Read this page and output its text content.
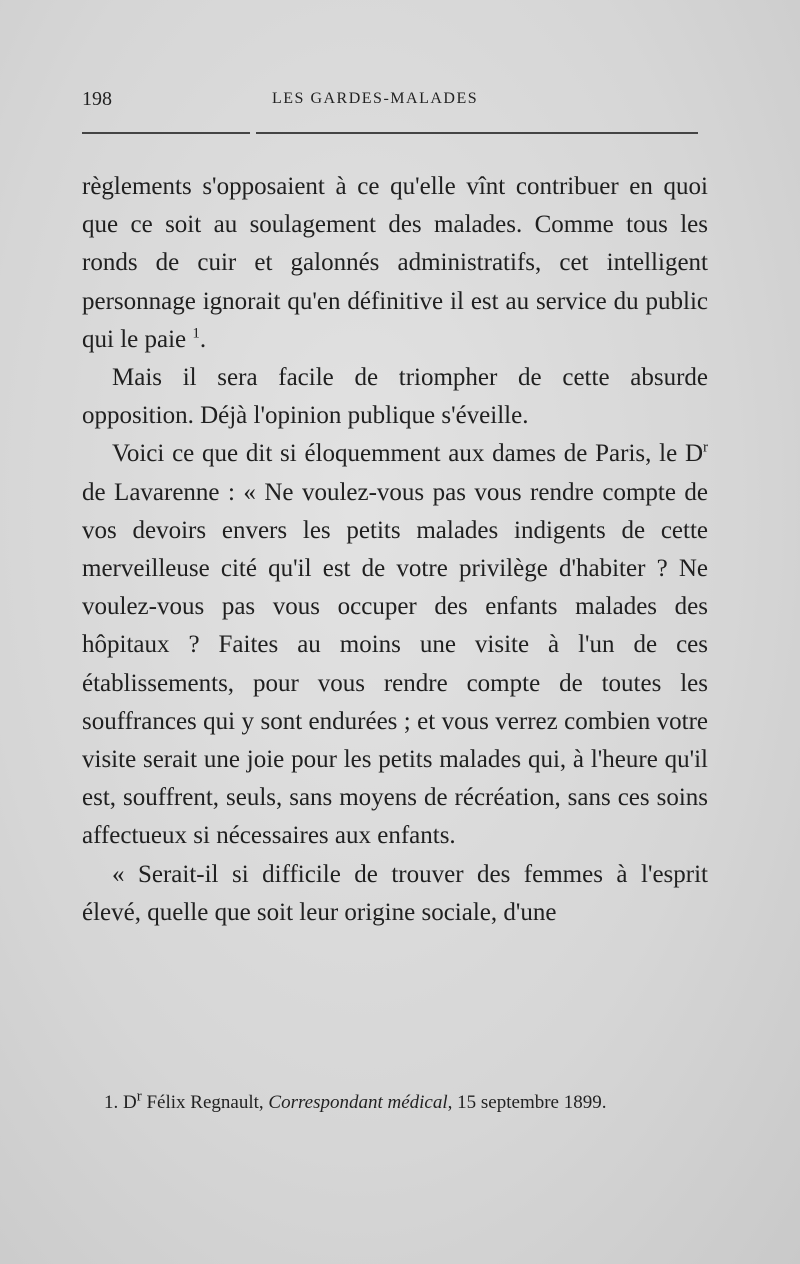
198	LES GARDES-MALADES

règlements s'opposaient à ce qu'elle vînt contribuer en quoi que ce soit au soulagement des malades. Comme tous les ronds de cuir et galonnés administratifs, cet intelligent personnage ignorait qu'en définitive il est au service du public qui le paie $^1$.

Mais il sera facile de triompher de cette absurde opposition. Déjà l'opinion publique s'éveille.

Voici ce que dit si éloquemment aux dames de Paris, le $D^r$ de Lavarenne : « Ne voulez-vous pas vous rendre compte de vos devoirs envers les petits malades indigents de cette merveilleuse cité qu'il est de votre privilège d'habiter ? Ne voulez-vous pas vous occuper des enfants malades des hôpitaux ? Faites au moins une visite à l'un de ces établissements, pour vous rendre compte de toutes les souffrances qui y sont endurées ; et vous verrez combien votre visite serait une joie pour les petits malades qui, à l'heure qu'il est, souffrent, seuls, sans moyens de récréation, sans ces soins affectueux si nécessaires aux enfants.

« Serait-il si difficile de trouver des femmes à l'esprit élevé, quelle que soit leur origine sociale, d'une

1. $D^r$ Félix Regnault, Correspondant médical, 15 septembre 1899.
